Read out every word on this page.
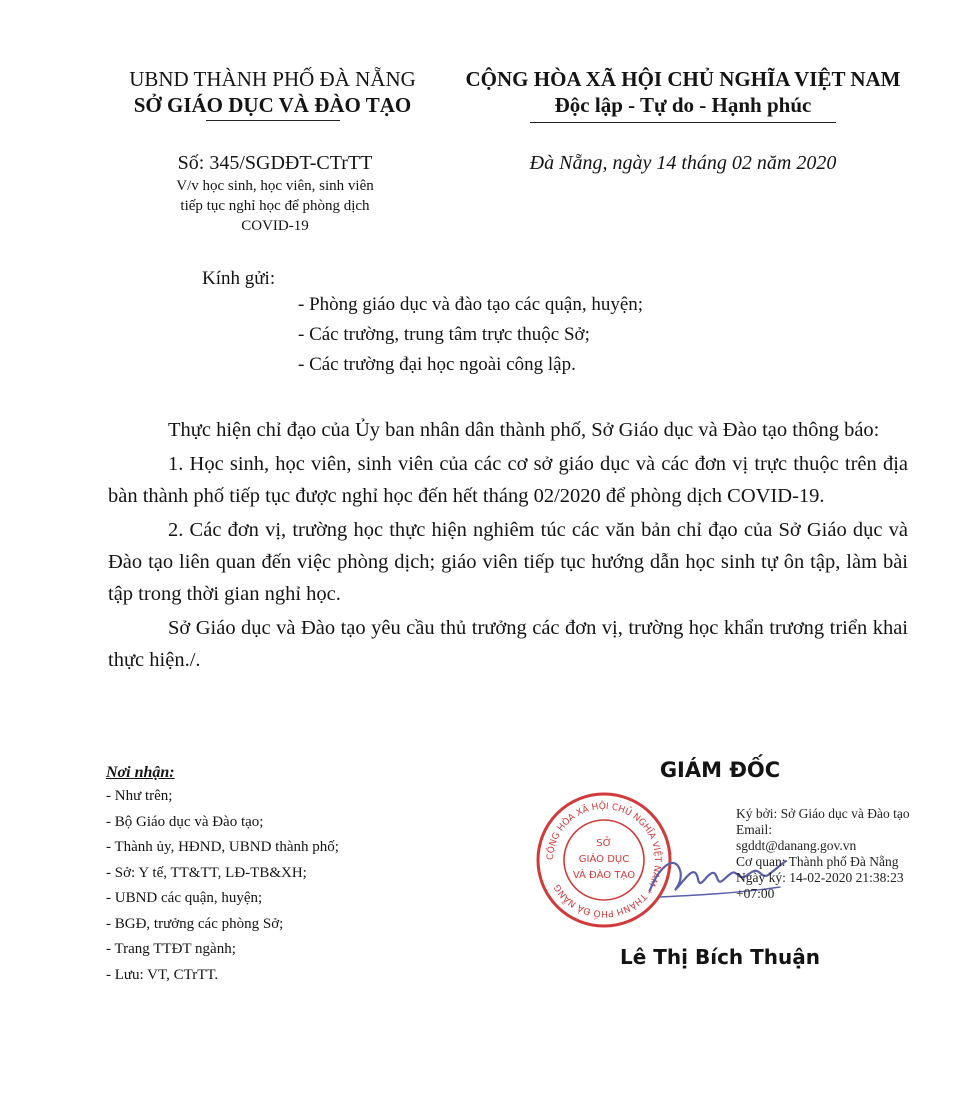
UBND THÀNH PHỐ ĐÀ NẴNG
SỞ GIÁO DỤC VÀ ĐÀO TẠO
CỘNG HÒA XÃ HỘI CHỦ NGHĨA VIỆT NAM
Độc lập - Tự do - Hạnh phúc
Số: 345/SGDĐT-CTrTT
V/v học sinh, học viên, sinh viên
tiếp tục nghỉ học để phòng dịch
COVID-19
Đà Nẵng, ngày 14 tháng 02 năm 2020
Kính gửi:
- Phòng giáo dục và đào tạo các quận, huyện;
- Các trường, trung tâm trực thuộc Sở;
- Các trường đại học ngoài công lập.

Thực hiện chỉ đạo của Ủy ban nhân dân thành phố, Sở Giáo dục và Đào tạo thông báo:

1. Học sinh, học viên, sinh viên của các cơ sở giáo dục và các đơn vị trực thuộc trên địa bàn thành phố tiếp tục được nghỉ học đến hết tháng 02/2020 để phòng dịch COVID-19.

2. Các đơn vị, trường học thực hiện nghiêm túc các văn bản chỉ đạo của Sở Giáo dục và Đào tạo liên quan đến việc phòng dịch; giáo viên tiếp tục hướng dẫn học sinh tự ôn tập, làm bài tập trong thời gian nghỉ học.

Sở Giáo dục và Đào tạo yêu cầu thủ trưởng các đơn vị, trường học khẩn trương triển khai thực hiện./.

Nơi nhận:
- Như trên;
- Bộ Giáo dục và Đào tạo;
- Thành ủy, HĐND, UBND thành phố;
- Sở: Y tế, TT&TT, LĐ-TB&XH;
- UBND các quận, huyện;
- BGĐ, trưởng các phòng Sở;
- Trang TTĐT ngành;
- Lưu: VT, CTrTT.
GIÁM ĐỐC
CỘNG HÒA XÃ HỘI CHỦ NGHĨA VIỆT NAM * THÀNH PHỐ ĐÀ NẴNG
SỞ
GIÁO DỤC
VÀ ĐÀO TẠO
Ký bởi: Sở Giáo dục và Đào tạo
Email:
sgddt@danang.gov.vn
Cơ quan: Thành phố Đà Nẵng
Ngày ký: 14-02-2020 21:38:23 +07:00
Lê Thị Bích Thuận
